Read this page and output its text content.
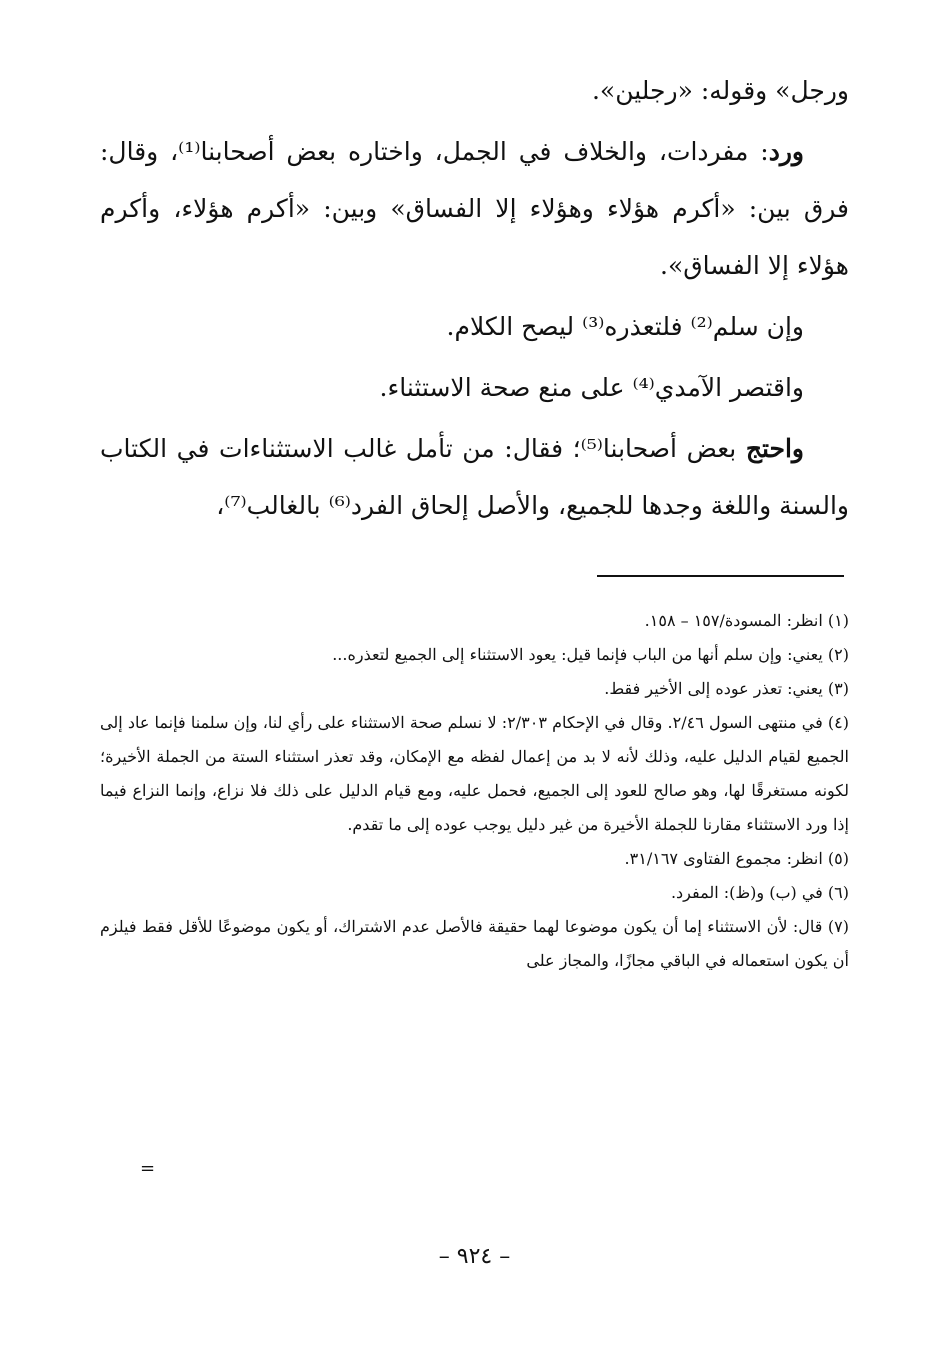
ورجل» وقوله: «رجلين».

ورد: مفردات، والخلاف في الجمل، واختاره بعض أصحابنا⁽¹⁾، وقال: فرق بين: «أكرم هؤلاء وهؤلاء إلا الفساق» وبين: «أكرم هؤلاء، وأكرم هؤلاء إلا الفساق».

وإن سلم⁽²⁾ فلتعذره⁽³⁾ ليصح الكلام.

واقتصر الآمدي⁽⁴⁾ على منع صحة الاستثناء.

واحتج بعض أصحابنا⁽⁵⁾؛ فقال: من تأمل غالب الاستثناءات في الكتاب والسنة واللغة وجدها للجميع، والأصل إلحاق الفرد⁽⁶⁾ بالغالب⁽⁷⁾،

(١) انظر: المسودة/١٥٧ – ١٥٨.

(٢) يعني: وإن سلم أنها من الباب فإنما قيل: يعود الاستثناء إلى الجميع لتعذره...

(٣) يعني: تعذر عوده إلى الأخير فقط.

(٤) في منتهى السول ٢/٤٦. وقال في الإحكام ٢/٣٠٣: لا نسلم صحة الاستثناء على رأي لنا، وإن سلمنا فإنما عاد إلى الجميع لقيام الدليل عليه، وذلك لأنه لا بد من إعمال لفظه مع الإمكان، وقد تعذر استثناء الستة من الجملة الأخيرة؛ لكونه مستغرقًا لها، وهو صالح للعود إلى الجميع، فحمل عليه، ومع قيام الدليل على ذلك فلا نزاع، وإنما النزاع فيما إذا ورد الاستثناء مقارنا للجملة الأخيرة من غير دليل يوجب عوده إلى ما تقدم.

(٥) انظر: مجموع الفتاوى ٣١/١٦٧.

(٦) في (ب) و(ظ): المفرد.

(٧) قال: لأن الاستثناء إما أن يكون موضوعا لهما حقيقة فالأصل عدم الاشتراك، أو يكون موضوعًا للأقل فقط فيلزم أن يكون استعماله في الباقي مجازًا، والمجاز على

=
– ٩٢٤ –
